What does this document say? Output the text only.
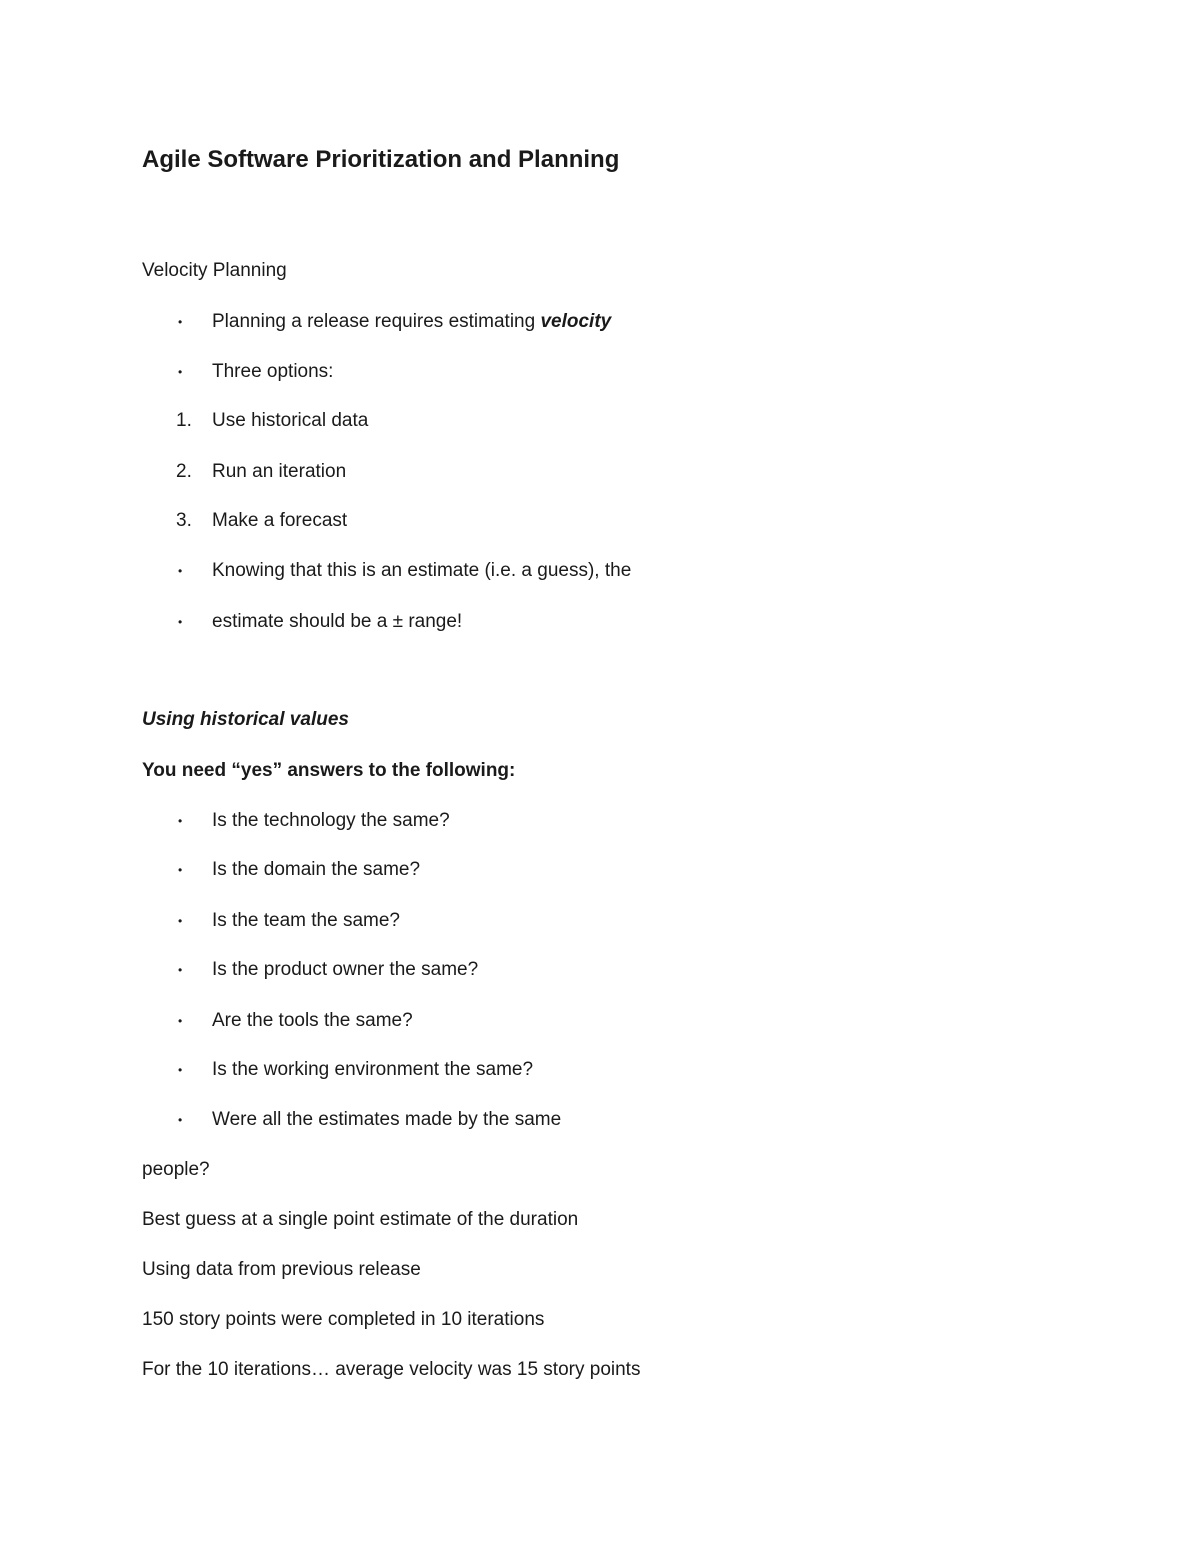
Agile Software Prioritization and Planning
Velocity Planning
• Planning a release requires estimating velocity
• Three options:
1.	Use historical data
2.	Run an iteration
3.	Make a forecast
• Knowing that this is an estimate (i.e. a guess), the
• estimate should be a ± range!
Using historical values
You need “yes” answers to the following:
• Is the technology the same?
• Is the domain the same?
• Is the team the same?
• Is the product owner the same?
• Are the tools the same?
• Is the working environment the same?
• Were all the estimates made by the same
people?
Best guess at a single point estimate of the duration
Using data from previous release
150 story points were completed in 10 iterations
For the 10 iterations… average velocity was 15 story points
